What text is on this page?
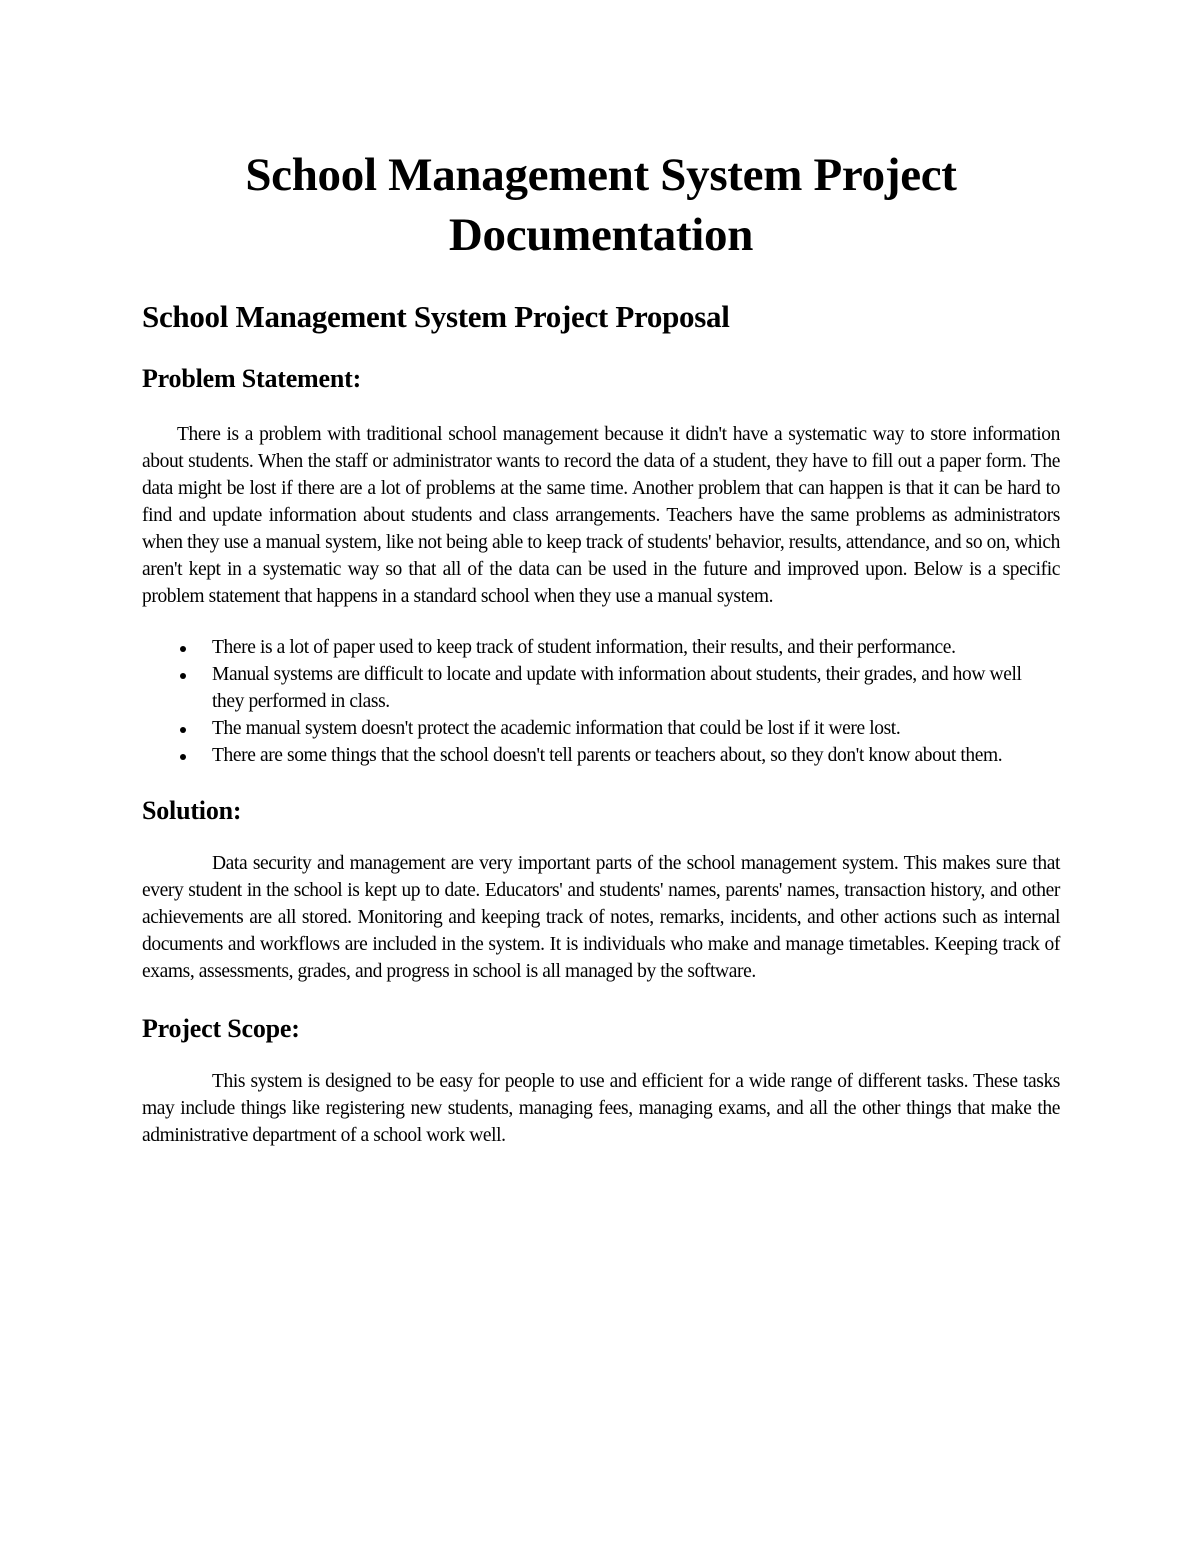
School Management System Project Documentation
School Management System Project Proposal
Problem Statement:

There is a problem with traditional school management because it didn't have a systematic way to store information about students. When the staff or administrator wants to record the data of a student, they have to fill out a paper form. The data might be lost if there are a lot of problems at the same time. Another problem that can happen is that it can be hard to find and update information about students and class arrangements. Teachers have the same problems as administrators when they use a manual system, like not being able to keep track of students' behavior, results, attendance, and so on, which aren't kept in a systematic way so that all of the data can be used in the future and improved upon. Below is a specific problem statement that happens in a standard school when they use a manual system.

There is a lot of paper used to keep track of student information, their results, and their performance.
Manual systems are difficult to locate and update with information about students, their grades, and how well they performed in class.
The manual system doesn't protect the academic information that could be lost if it were lost.
There are some things that the school doesn't tell parents or teachers about, so they don't know about them.
Solution:

Data security and management are very important parts of the school management system. This makes sure that every student in the school is kept up to date. Educators' and students' names, parents' names, transaction history, and other achievements are all stored. Monitoring and keeping track of notes, remarks, incidents, and other actions such as internal documents and workflows are included in the system. It is individuals who make and manage timetables. Keeping track of exams, assessments, grades, and progress in school is all managed by the software.

Project Scope:

This system is designed to be easy for people to use and efficient for a wide range of different tasks. These tasks may include things like registering new students, managing fees, managing exams, and all the other things that make the administrative department of a school work well.
